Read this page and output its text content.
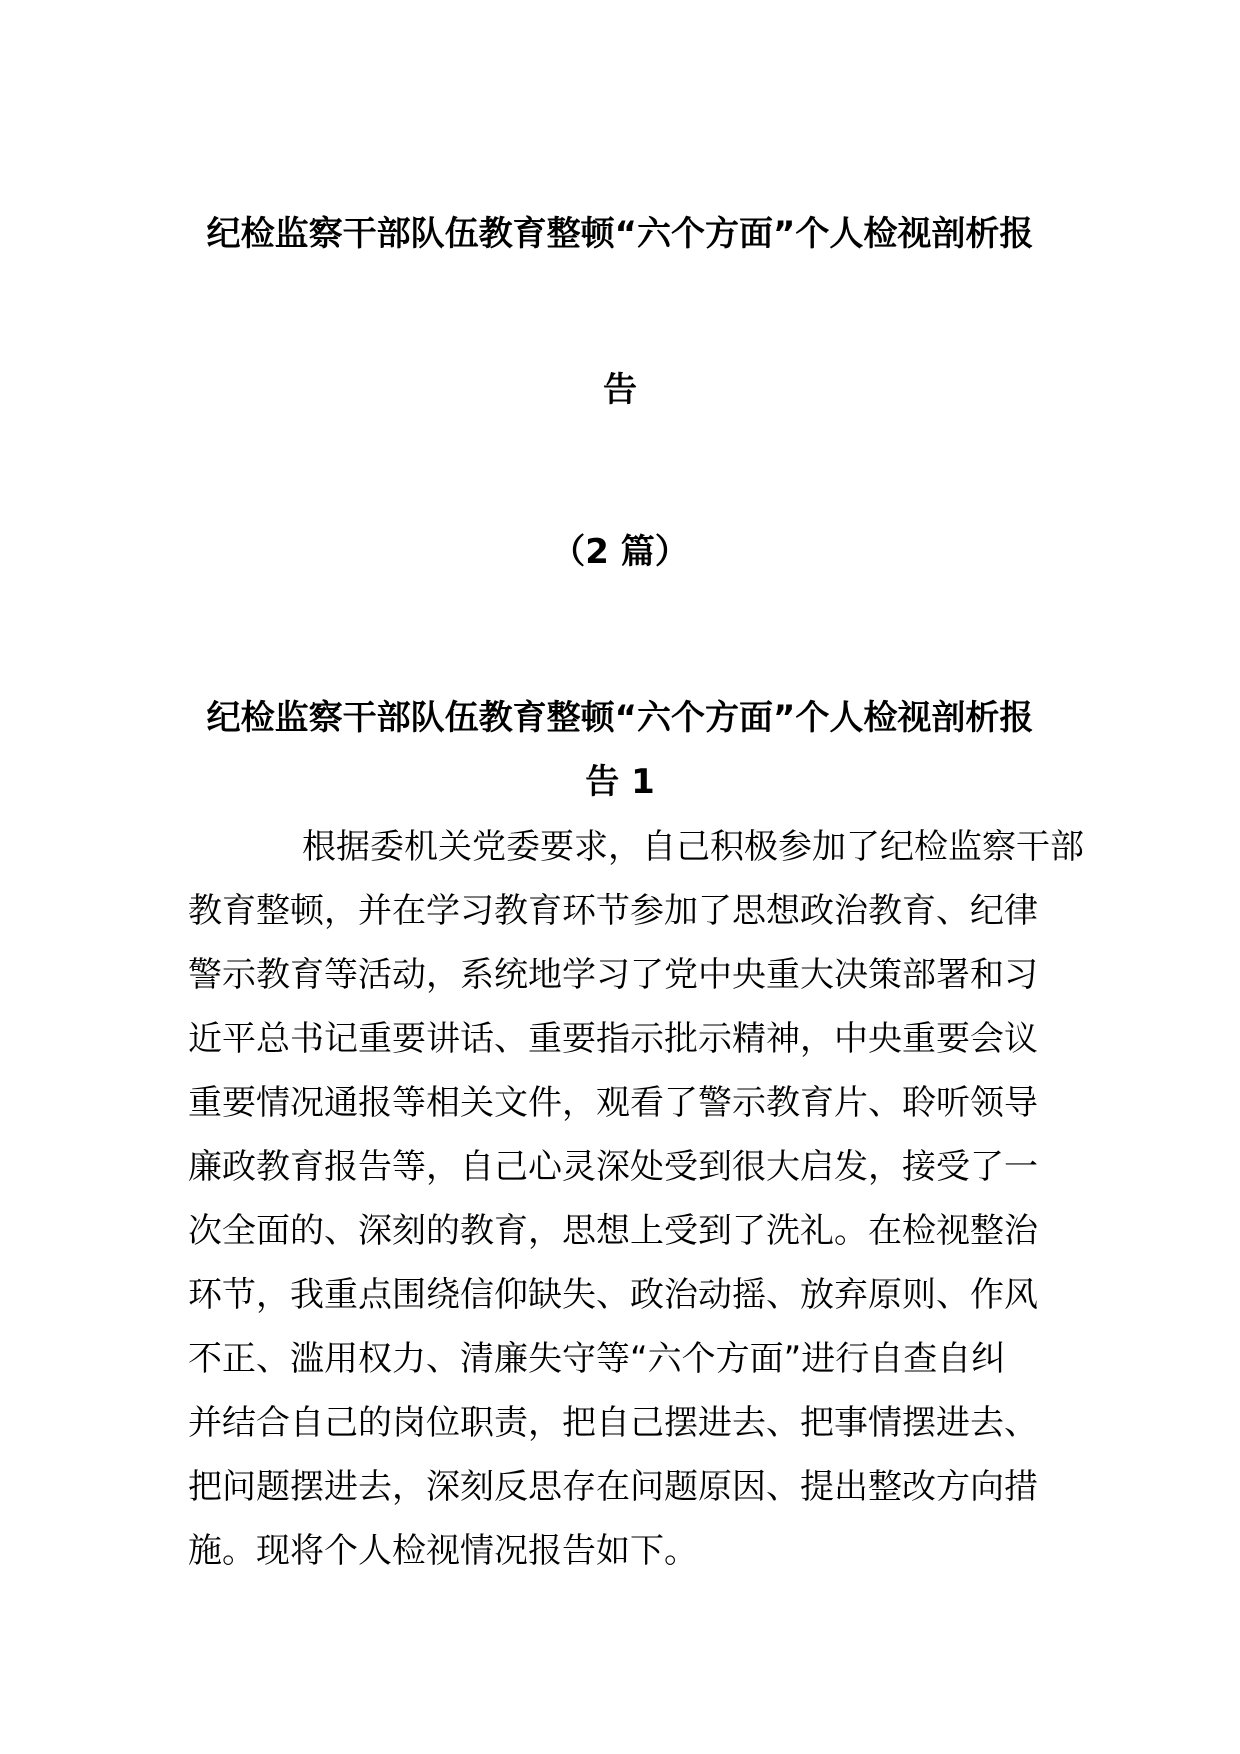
纪检监察干部队伍教育整顿“六个方面”个人检视剖析报
告
（2 篇）
纪检监察干部队伍教育整顿“六个方面”个人检视剖析报
告 1

根据委机关党委要求，自己积极参加了纪检监察干部
教育整顿，并在学习教育环节参加了思想政治教育、纪律
警示教育等活动，系统地学习了党中央重大决策部署和习
近平总书记重要讲话、重要指示批示精神，中央重要会议
重要情况通报等相关文件，观看了警示教育片、聆听领导
廉政教育报告等，自己心灵深处受到很大启发，接受了一
次全面的、深刻的教育，思想上受到了洗礼。在检视整治
环节，我重点围绕信仰缺失、政治动摇、放弃原则、作风
不正、滥用权力、清廉失守等“六个方面”进行自查自纠
并结合自己的岗位职责，把自己摆进去、把事情摆进去、
把问题摆进去，深刻反思存在问题原因、提出整改方向措
施。现将个人检视情况报告如下。
